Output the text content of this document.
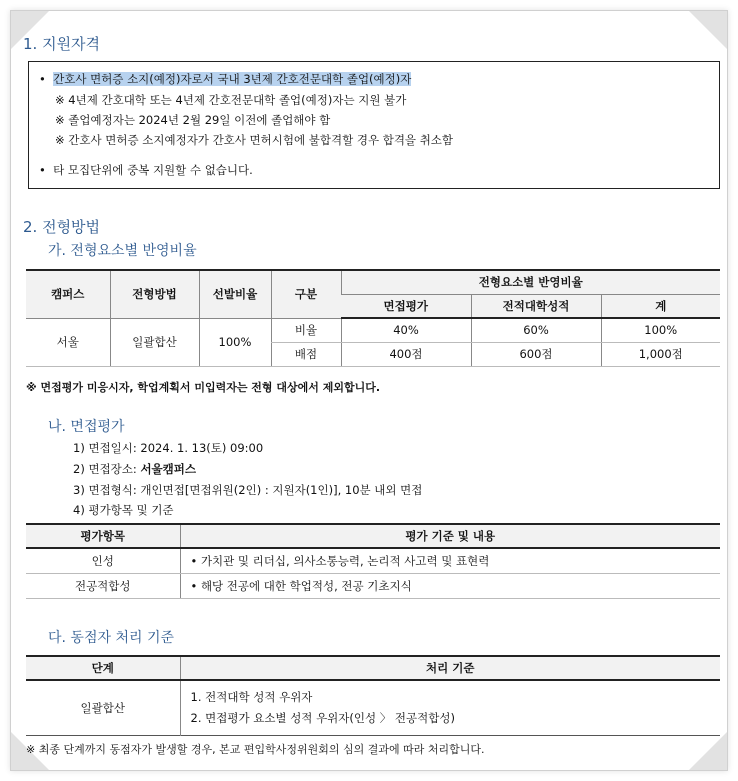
1. 지원자격
•  간호사 면허증 소지(예정)자로서 국내 3년제 간호전문대학 졸업(예정)자
※ 4년제 간호대학 또는 4년제 간호전문대학 졸업(예정)자는 지원 불가
※ 졸업예정자는 2024년 2월 29일 이전에 졸업해야 함
※ 간호사 면허증 소지예정자가 간호사 면허시험에 불합격할 경우 합격을 취소함
•  타 모집단위에 중복 지원할 수 없습니다.
2. 전형방법
가. 전형요소별 반영비율
캠퍼스	전형방법	선발비율	구분	전형요소별 반영비율		
				면접평가	전적대학성적	계
서울	일괄합산	100%	비율	40%	60%	100%
			배점	400점	600점	1,000점
※ 면접평가 미응시자, 학업계획서 미입력자는 전형 대상에서 제외합니다.
나. 면접평가
1) 면접일시: 2024. 1. 13(토) 09:00
2) 면접장소: 서울캠퍼스
3) 면접형식: 개인면접[면접위원(2인) : 지원자(1인)], 10분 내외 면접
4) 평가항목 및 기준
평가항목	평가 기준 및 내용
인성	• 가치관 및 리더십, 의사소통능력, 논리적 사고력 및 표현력
전공적합성	• 해당 전공에 대한 학업적성, 전공 기초지식
다. 동점자 처리 기준
단계	처리 기준
일괄합산	1. 전적대학 성적 우위자
2. 면접평가 요소별 성적 우위자(인성 〉 전공적합성)
※ 최종 단계까지 동점자가 발생할 경우, 본교 편입학사정위원회의 심의 결과에 따라 처리합니다.
